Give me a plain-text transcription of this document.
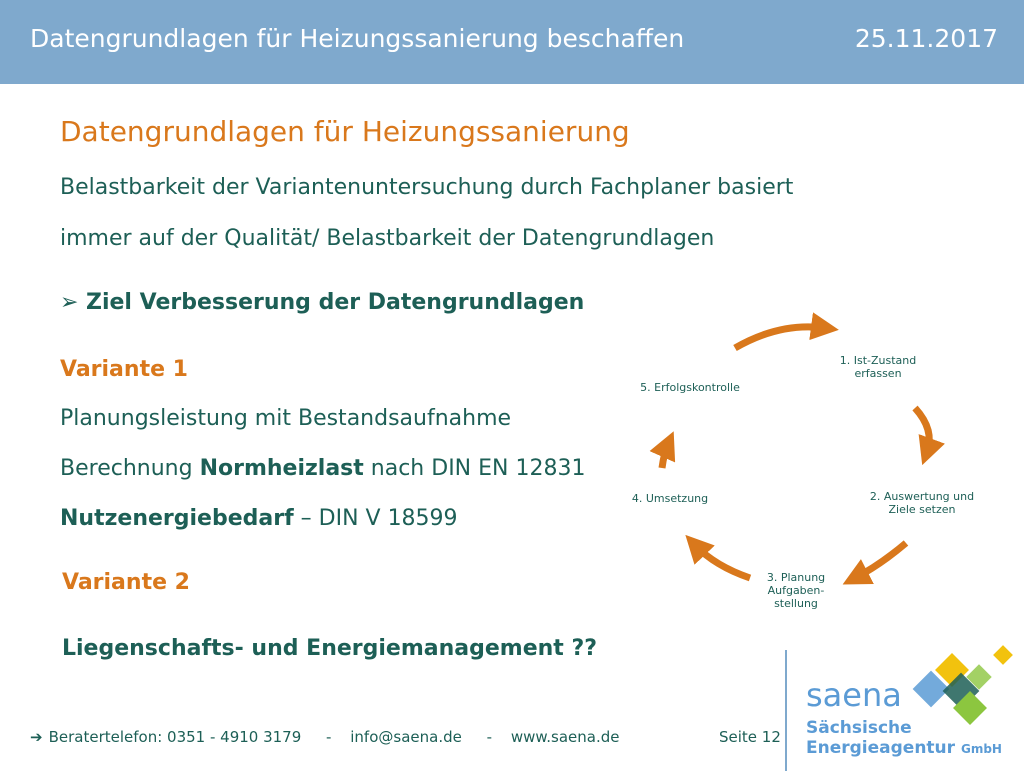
Datengrundlagen für Heizungssanierung beschaffen	25.11.2017
Datengrundlagen für Heizungssanierung
Belastbarkeit der Variantenuntersuchung durch Fachplaner basiert
immer auf der Qualität/ Belastbarkeit der Datengrundlagen
➢ Ziel Verbesserung der Datengrundlagen
Variante 1
Planungsleistung mit Bestandsaufnahme
Berechnung Normheizlast nach DIN EN 12831
Nutzenergiebedarf – DIN V 18599
Variante 2
Liegenschafts- und Energiemanagement ??
1. Ist-Zustand
erfassen
2. Auswertung und
Ziele setzen
3. Planung
Aufgaben-
stellung
4. Umsetzung
5. Erfolgskontrolle
➔ Beratertelefon: 0351 - 4910 3179 - info@saena.de - www.saena.de	Seite 12
saena
Sächsische
Energieagentur GmbH
